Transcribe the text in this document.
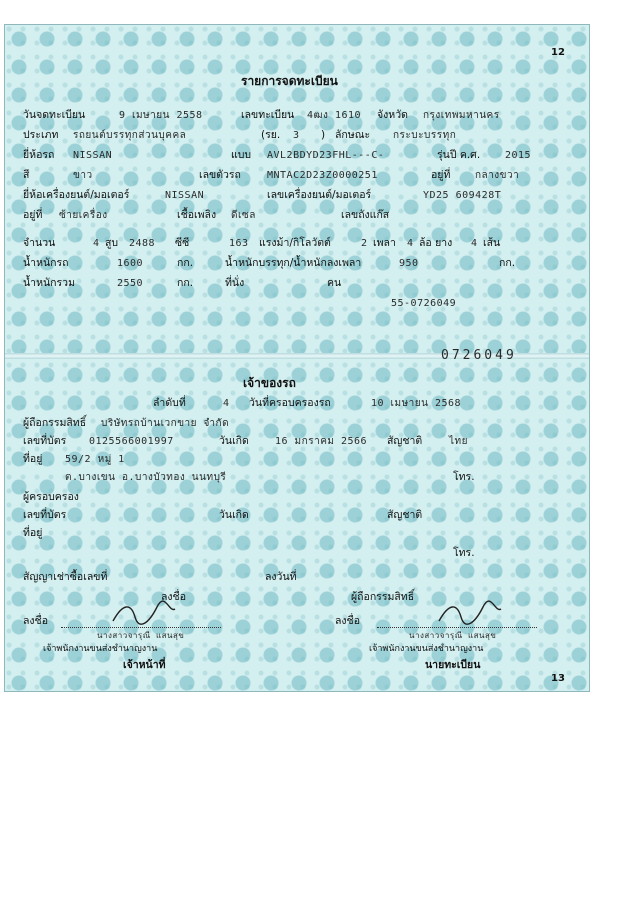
12
รายการจดทะเบียน
วันจดทะเบียน	9 เมษายน 2558	เลขทะเบียน 4ฒง 1610 จังหวัด กรุงเทพมหานคร
ประเภท รถยนต์บรรทุกส่วนบุคคล	(รย. 3 ) ลักษณะ กระบะบรรทุก
ยี่ห้อรถ NISSAN	แบบ AVL2BDYD23FHL---C-	รุ่นปี ค.ศ. 2015
สี	ขาว	เลขตัวรถ	MNTAC2D23Z0000251	อยู่ที่ กลางขวา
ยี่ห้อเครื่องยนต์/มอเตอร์	NISSAN	เลขเครื่องยนต์/มอเตอร์	YD25 609428T
อยู่ที่ ซ้ายเครื่อง	เชื้อเพลิง ดีเซล	เลขถังแก๊ส
จำนวน	4 สูบ 2488 ซีซี	163 แรงม้า/กิโลวัตต์	2 เพลา 4 ล้อ ยาง 4 เส้น
น้ำหนักรถ	1600	กก.	น้ำหนักบรรทุก/น้ำหนักลงเพลา	950	กก.
น้ำหนักรวม	2550	กก.	ที่นั่ง	คน
55-0726049
0726049
เจ้าของรถ
ลำดับที่	4 วันที่ครอบครองรถ	10 เมษายน 2568
ผู้ถือกรรมสิทธิ์ บริษัทรถบ้านเวกขาย จำกัด
เลขที่บัตร 0125566001997	วันเกิด	16 มกราคม 2566 สัญชาติ	ไทย
ที่อยู่ 59/2 หมู่ 1
ต.บางเขน อ.บางบัวทอง นนทบุรี	โทร.
ผู้ครอบครอง
เลขที่บัตร	วันเกิด	สัญชาติ
ที่อยู่
โทร.
สัญญาเช่าซื้อเลขที่	ลงวันที่
ลงชื่อ	ผู้ถือกรรมสิทธิ์
ลงชื่อ
นางสาวจารุณี แสนสุข
เจ้าพนักงานขนส่งชำนาญงาน
เจ้าหน้าที่
ลงชื่อ
นางสาวจารุณี แสนสุข
เจ้าพนักงานขนส่งชำนาญงาน
นายทะเบียน
13
